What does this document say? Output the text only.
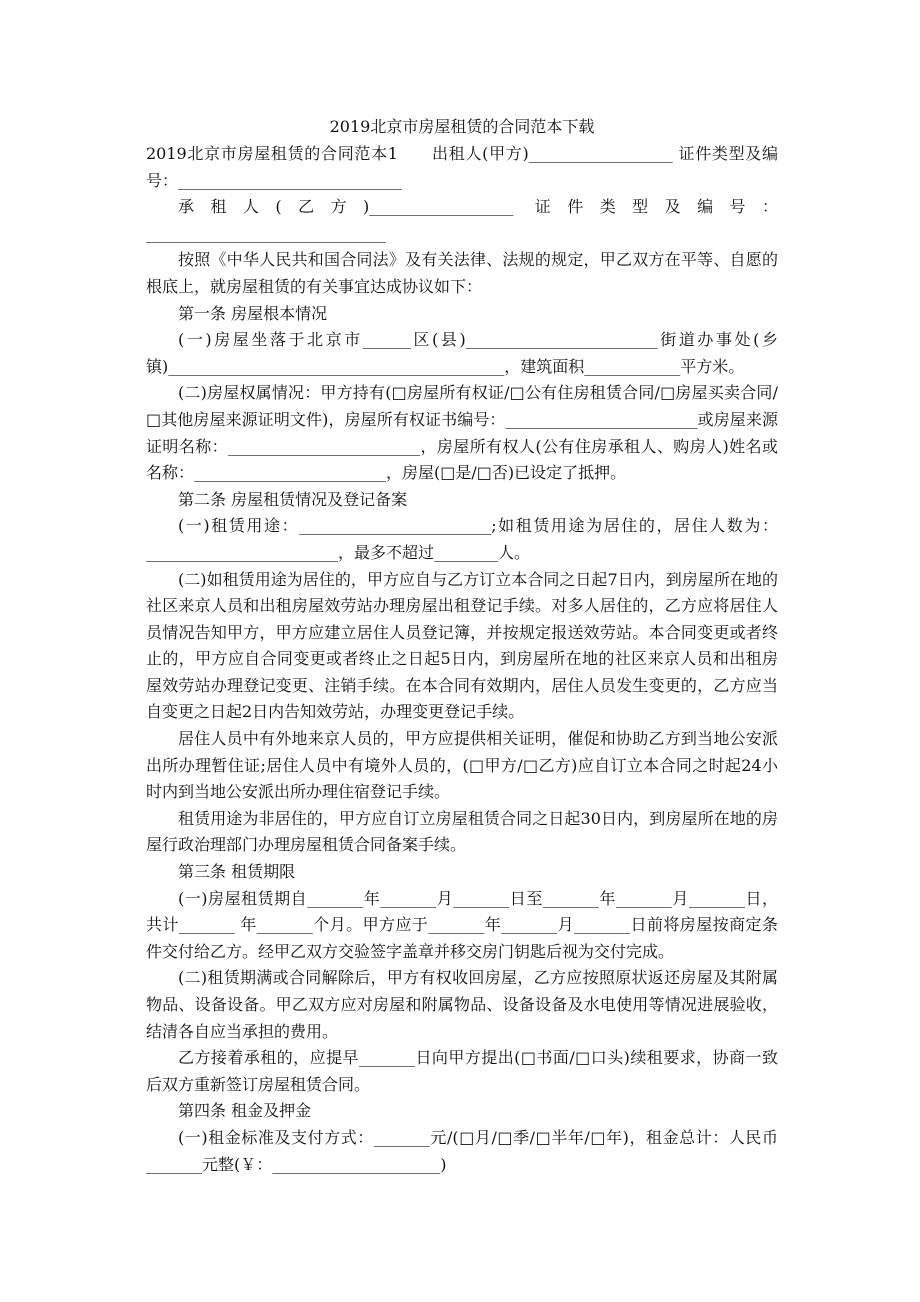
2019北京市房屋租赁的合同范本下载

2019北京市房屋租赁的合同范本1　　出租人(甲方)__________________ 证件类型及编号：____________________________

承租人(乙方)__________________ 证件类型及编号：______________________________

按照《中华人民共和国合同法》及有关法律、法规的规定，甲乙双方在平等、自愿的根底上，就房屋租赁的有关事宜达成协议如下：

第一条 房屋根本情况

(一)房屋坐落于北京市______区(县)________________________街道办事处(乡镇)__________________________________________，建筑面积____________平方米。

(二)房屋权属情况：甲方持有(□房屋所有权证/□公有住房租赁合同/□房屋买卖合同/□其他房屋来源证明文件)，房屋所有权证书编号：________________________或房屋来源证明名称：________________________，房屋所有权人(公有住房承租人、购房人)姓名或名称：________________________，房屋(□是/□否)已设定了抵押。

第二条 房屋租赁情况及登记备案

(一)租赁用途：________________________;如租赁用途为居住的，居住人数为：________________________，最多不超过________人。

(二)如租赁用途为居住的，甲方应自与乙方订立本合同之日起7日内，到房屋所在地的社区来京人员和出租房屋效劳站办理房屋出租登记手续。对多人居住的，乙方应将居住人员情况告知甲方，甲方应建立居住人员登记簿，并按规定报送效劳站。本合同变更或者终止的，甲方应自合同变更或者终止之日起5日内，到房屋所在地的社区来京人员和出租房屋效劳站办理登记变更、注销手续。在本合同有效期内，居住人员发生变更的，乙方应当自变更之日起2日内告知效劳站，办理变更登记手续。

居住人员中有外地来京人员的，甲方应提供相关证明，催促和协助乙方到当地公安派出所办理暂住证;居住人员中有境外人员的，(□甲方/□乙方)应自订立本合同之时起24小时内到当地公安派出所办理住宿登记手续。

租赁用途为非居住的，甲方应自订立房屋租赁合同之日起30日内，到房屋所在地的房屋行政治理部门办理房屋租赁合同备案手续。

第三条 租赁期限

(一)房屋租赁期自_______年_______月_______日至_______年_______月_______日，共计_______ 年_______个月。甲方应于_______年_______月_______日前将房屋按商定条件交付给乙方。经甲乙双方交验签字盖章并移交房门钥匙后视为交付完成。

(二)租赁期满或合同解除后，甲方有权收回房屋，乙方应按照原状返还房屋及其附属物品、设备设备。甲乙双方应对房屋和附属物品、设备设备及水电使用等情况进展验收，结清各自应当承担的费用。

乙方接着承租的，应提早_______日向甲方提出(□书面/□口头)续租要求，协商一致后双方重新签订房屋租赁合同。

第四条 租金及押金

(一)租金标准及支付方式：_______元/(□月/□季/□半年/□年)，租金总计：人民币_______元整(￥：_____________________)
